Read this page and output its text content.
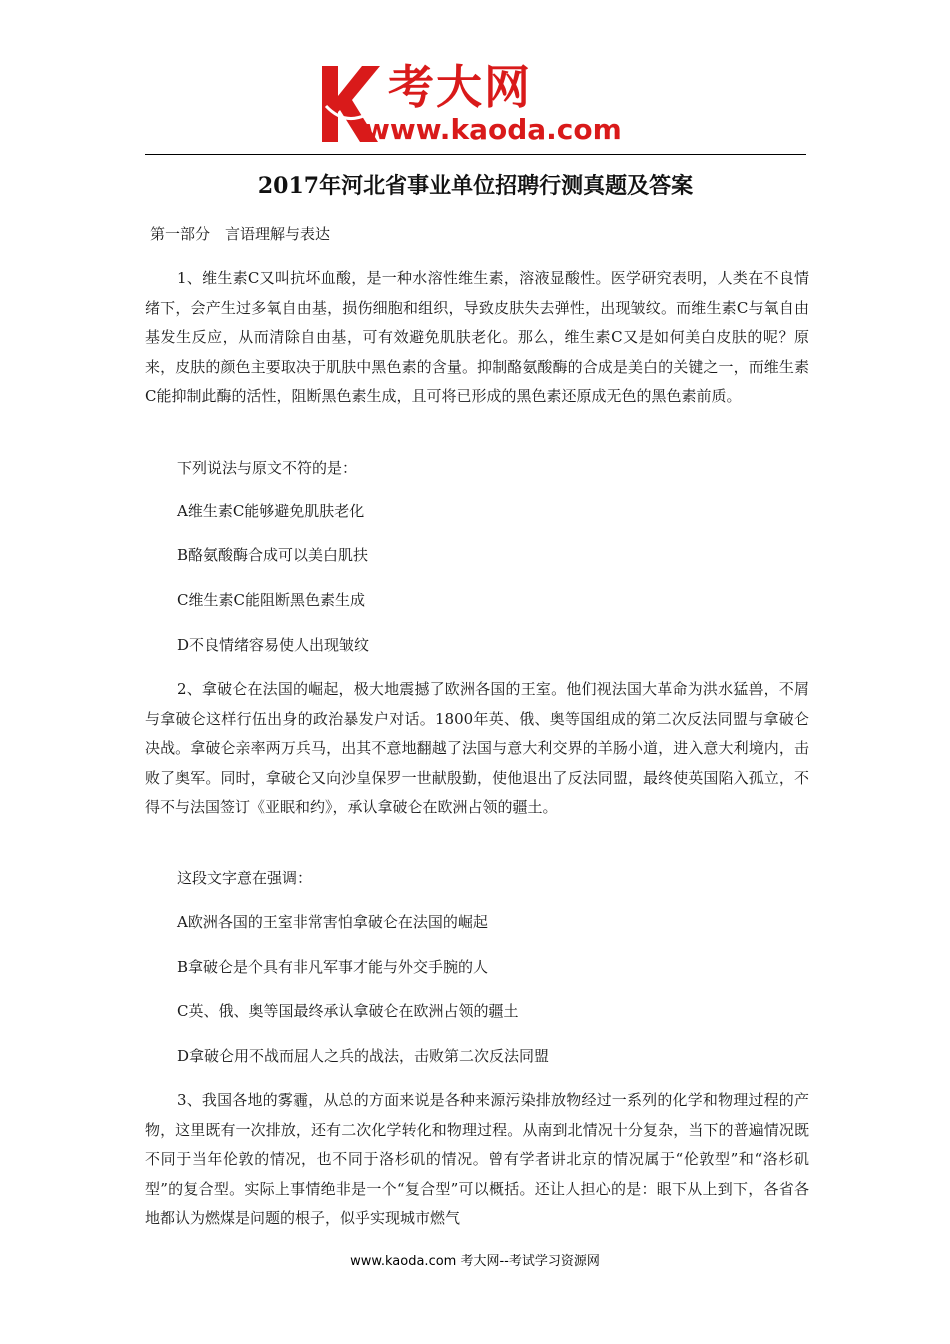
考大网
www.kaoda.com
2017年河北省事业单位招聘行测真题及答案
第一部分　言语理解与表达

1、维生素C又叫抗坏血酸，是一种水溶性维生素，溶液显酸性。医学研究表明，人类在不良情绪下，会产生过多氧自由基，损伤细胞和组织，导致皮肤失去弹性，出现皱纹。而维生素C与氧自由基发生反应，从而清除自由基，可有效避免肌肤老化。那么，维生素C又是如何美白皮肤的呢？原来，皮肤的颜色主要取决于肌肤中黑色素的含量。抑制酪氨酸酶的合成是美白的关键之一，而维生素C能抑制此酶的活性，阻断黑色素生成，且可将已形成的黑色素还原成无色的黑色素前质。

下列说法与原文不符的是：
A维生素C能够避免肌肤老化
B酪氨酸酶合成可以美白肌扶
C维生素C能阻断黑色素生成
D不良情绪容易使人出现皱纹

2、拿破仑在法国的崛起，极大地震撼了欧洲各国的王室。他们视法国大革命为洪水猛兽，不屑与拿破仑这样行伍出身的政治暴发户对话。1800年英、俄、奥等国组成的第二次反法同盟与拿破仑决战。拿破仑亲率两万兵马，出其不意地翻越了法国与意大利交界的羊肠小道，进入意大利境内，击败了奥军。同时，拿破仑又向沙皇保罗一世献殷勤，使他退出了反法同盟，最终使英国陷入孤立，不得不与法国签订《亚眠和约》，承认拿破仑在欧洲占领的疆土。

这段文字意在强调：
A欧洲各国的王室非常害怕拿破仑在法国的崛起
B拿破仑是个具有非凡军事才能与外交手腕的人
C英、俄、奥等国最终承认拿破仑在欧洲占领的疆土
D拿破仑用不战而屈人之兵的战法，击败第二次反法同盟

3、我国各地的雾霾，从总的方面来说是各种来源污染排放物经过一系列的化学和物理过程的产物，这里既有一次排放，还有二次化学转化和物理过程。从南到北情况十分复杂，当下的普遍情况既不同于当年伦敦的情况，也不同于洛杉矶的情况。曾有学者讲北京的情况属于“伦敦型”和“洛杉矶型”的复合型。实际上事情绝非是一个“复合型”可以概括。还让人担心的是：眼下从上到下，各省各地都认为燃煤是问题的根子，似乎实现城市燃气

www.kaoda.com 考大网--考试学习资源网
